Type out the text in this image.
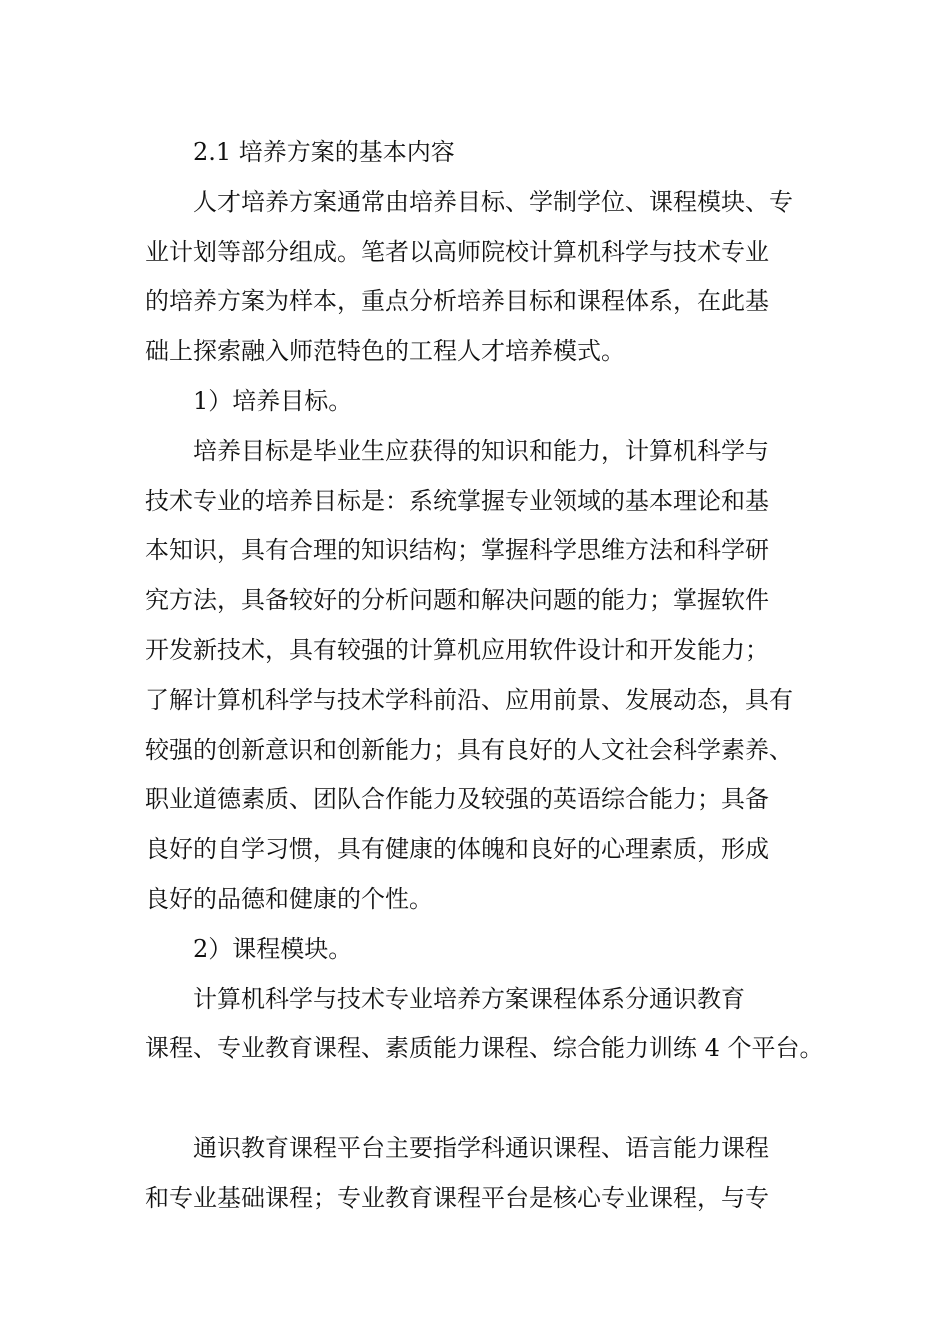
2.1 培养方案的基本内容

人才培养方案通常由培养目标、学制学位、课程模块、专
业计划等部分组成。笔者以高师院校计算机科学与技术专业
的培养方案为样本，重点分析培养目标和课程体系，在此基
础上探索融入师范特色的工程人才培养模式。

1）培养目标。

培养目标是毕业生应获得的知识和能力，计算机科学与
技术专业的培养目标是：系统掌握专业领域的基本理论和基
本知识，具有合理的知识结构；掌握科学思维方法和科学研
究方法，具备较好的分析问题和解决问题的能力；掌握软件
开发新技术，具有较强的计算机应用软件设计和开发能力；
了解计算机科学与技术学科前沿、应用前景、发展动态，具有
较强的创新意识和创新能力；具有良好的人文社会科学素养、
职业道德素质、团队合作能力及较强的英语综合能力；具备
良好的自学习惯，具有健康的体魄和良好的心理素质，形成
良好的品德和健康的个性。

2）课程模块。

计算机科学与技术专业培养方案课程体系分通识教育
课程、专业教育课程、素质能力课程、综合能力训练 4 个平台。

通识教育课程平台主要指学科通识课程、语言能力课程
和专业基础课程；专业教育课程平台是核心专业课程，与专
